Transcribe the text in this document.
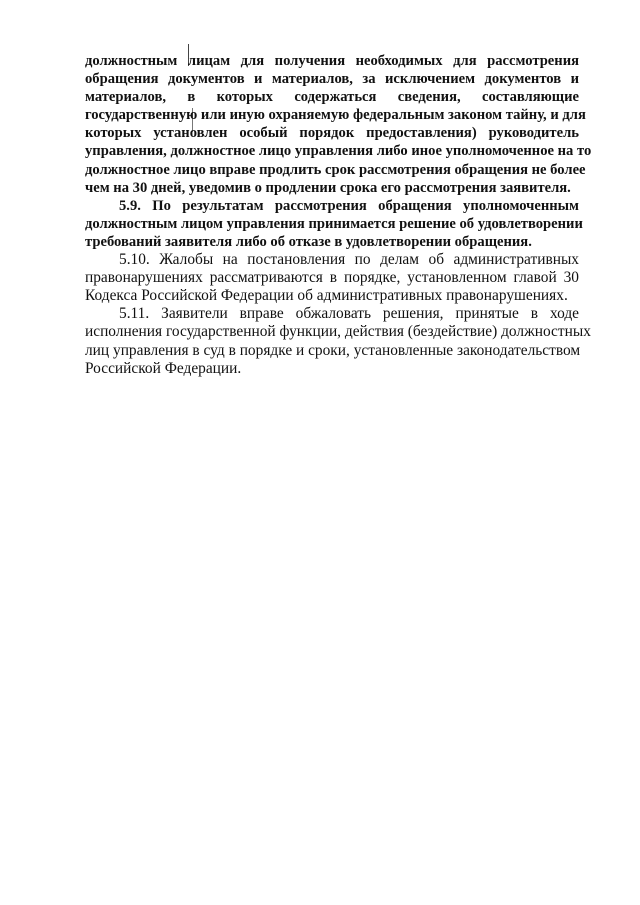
должностным лицам для получения необходимых для рассмотрения
обращения документов и материалов, за исключением документов и
материалов, в которых содержаться сведения, составляющие
государственную или иную охраняемую федеральным законом тайну, и для
которых установлен особый порядок предоставления) руководитель
управления, должностное лицо управления либо иное уполномоченное на то
должностное лицо вправе продлить срок рассмотрения обращения не более
чем на 30 дней, уведомив о продлении срока его рассмотрения заявителя.
5.9. По результатам рассмотрения обращения уполномоченным
должностным лицом управления принимается решение об удовлетворении
требований заявителя либо об отказе в удовлетворении обращения.
5.10. Жалобы на постановления по делам об административных
правонарушениях рассматриваются в порядке, установленном главой 30
Кодекса Российской Федерации об административных правонарушениях.
5.11. Заявители вправе обжаловать решения, принятые в ходе
исполнения государственной функции, действия (бездействие) должностных
лиц управления в суд в порядке и сроки, установленные законодательством
Российской Федерации.
